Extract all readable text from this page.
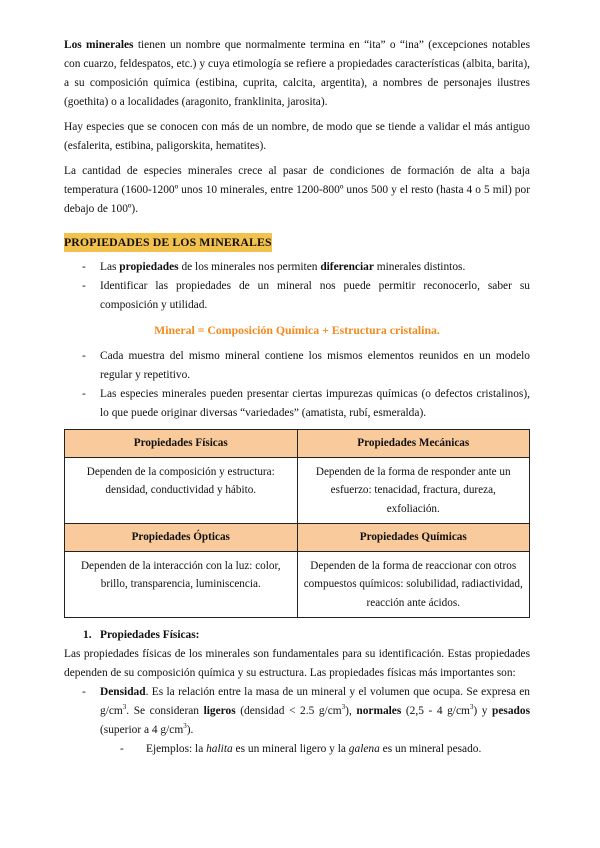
Los minerales tienen un nombre que normalmente termina en “ita” o “ina” (excepciones notables con cuarzo, feldespatos, etc.) y cuya etimología se refiere a propiedades características (albita, barita), a su composición química (estibina, cuprita, calcita, argentita), a nombres de personajes ilustres (goethita) o a localidades (aragonito, franklinita, jarosita).

Hay especies que se conocen con más de un nombre, de modo que se tiende a validar el más antiguo (esfalerita, estibina, paligorskita, hematites).

La cantidad de especies minerales crece al pasar de condiciones de formación de alta a baja temperatura (1600-1200º unos 10 minerales, entre 1200-800º unos 500 y el resto (hasta 4 o 5 mil) por debajo de 100º).

PROPIEDADES DE LOS MINERALES
- Las propiedades de los minerales nos permiten diferenciar minerales distintos.
- Identificar las propiedades de un mineral nos puede permitir reconocerlo, saber su composición y utilidad.
Mineral = Composición Química + Estructura cristalina.
- Cada muestra del mismo mineral contiene los mismos elementos reunidos en un modelo regular y repetitivo.
- Las especies minerales pueden presentar ciertas impurezas químicas (o defectos cristalinos), lo que puede originar diversas “variedades” (amatista, rubí, esmeralda).
Propiedades Físicas	Propiedades Mecánicas
Dependen de la composición y estructura: densidad, conductividad y hábito.	Dependen de la forma de responder ante un esfuerzo: tenacidad, fractura, dureza, exfoliación.
Propiedades Ópticas	Propiedades Químicas
Dependen de la interacción con la luz: color, brillo, transparencia, luminiscencia.	Dependen de la forma de reaccionar con otros compuestos químicos: solubilidad, radiactividad, reacción ante ácidos.
1. Propiedades Físicas:

Las propiedades físicas de los minerales son fundamentales para su identificación. Estas propiedades dependen de su composición química y su estructura. Las propiedades físicas más importantes son:

- Densidad. Es la relación entre la masa de un mineral y el volumen que ocupa. Se expresa en $g/cm^3$. Se consideran ligeros (densidad < 2.5 $g/cm^3$), normales (2,5 - 4 $g/cm^3$) y pesados (superior a 4 $g/cm^3$).
- Ejemplos: la halita es un mineral ligero y la galena es un mineral pesado.
